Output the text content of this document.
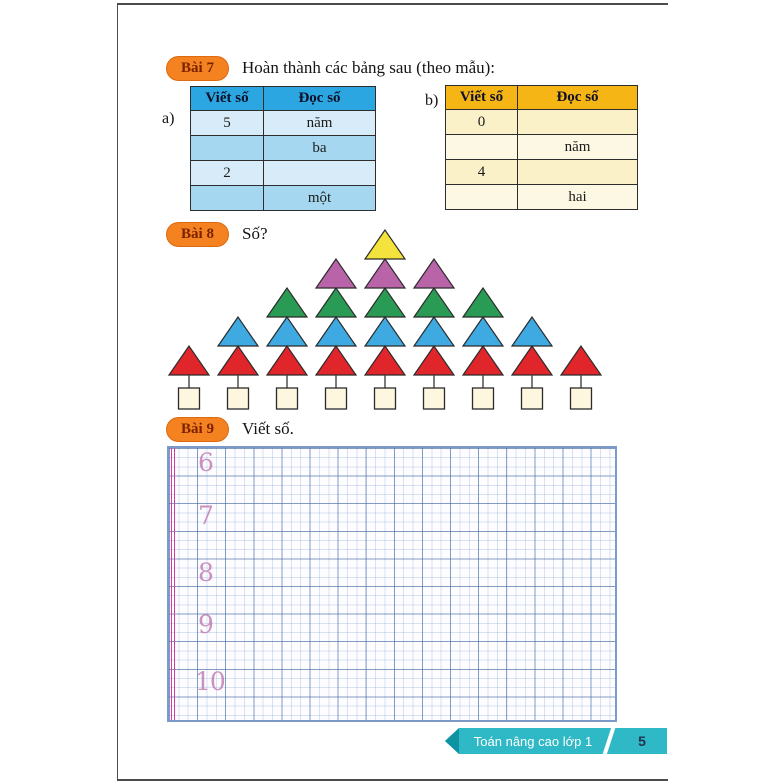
Bài 7 Hoàn thành các bảng sau (theo mẫu):
a)
Viết số	Đọc số
5	năm
	ba
2	
	một
b) Viết số	Đọc số
0	
	năm
4	
	hai
Bài 8 Số?
Bài 9 Viết số.
6
7
8
9
10
Toán nâng cao lớp 1	5
